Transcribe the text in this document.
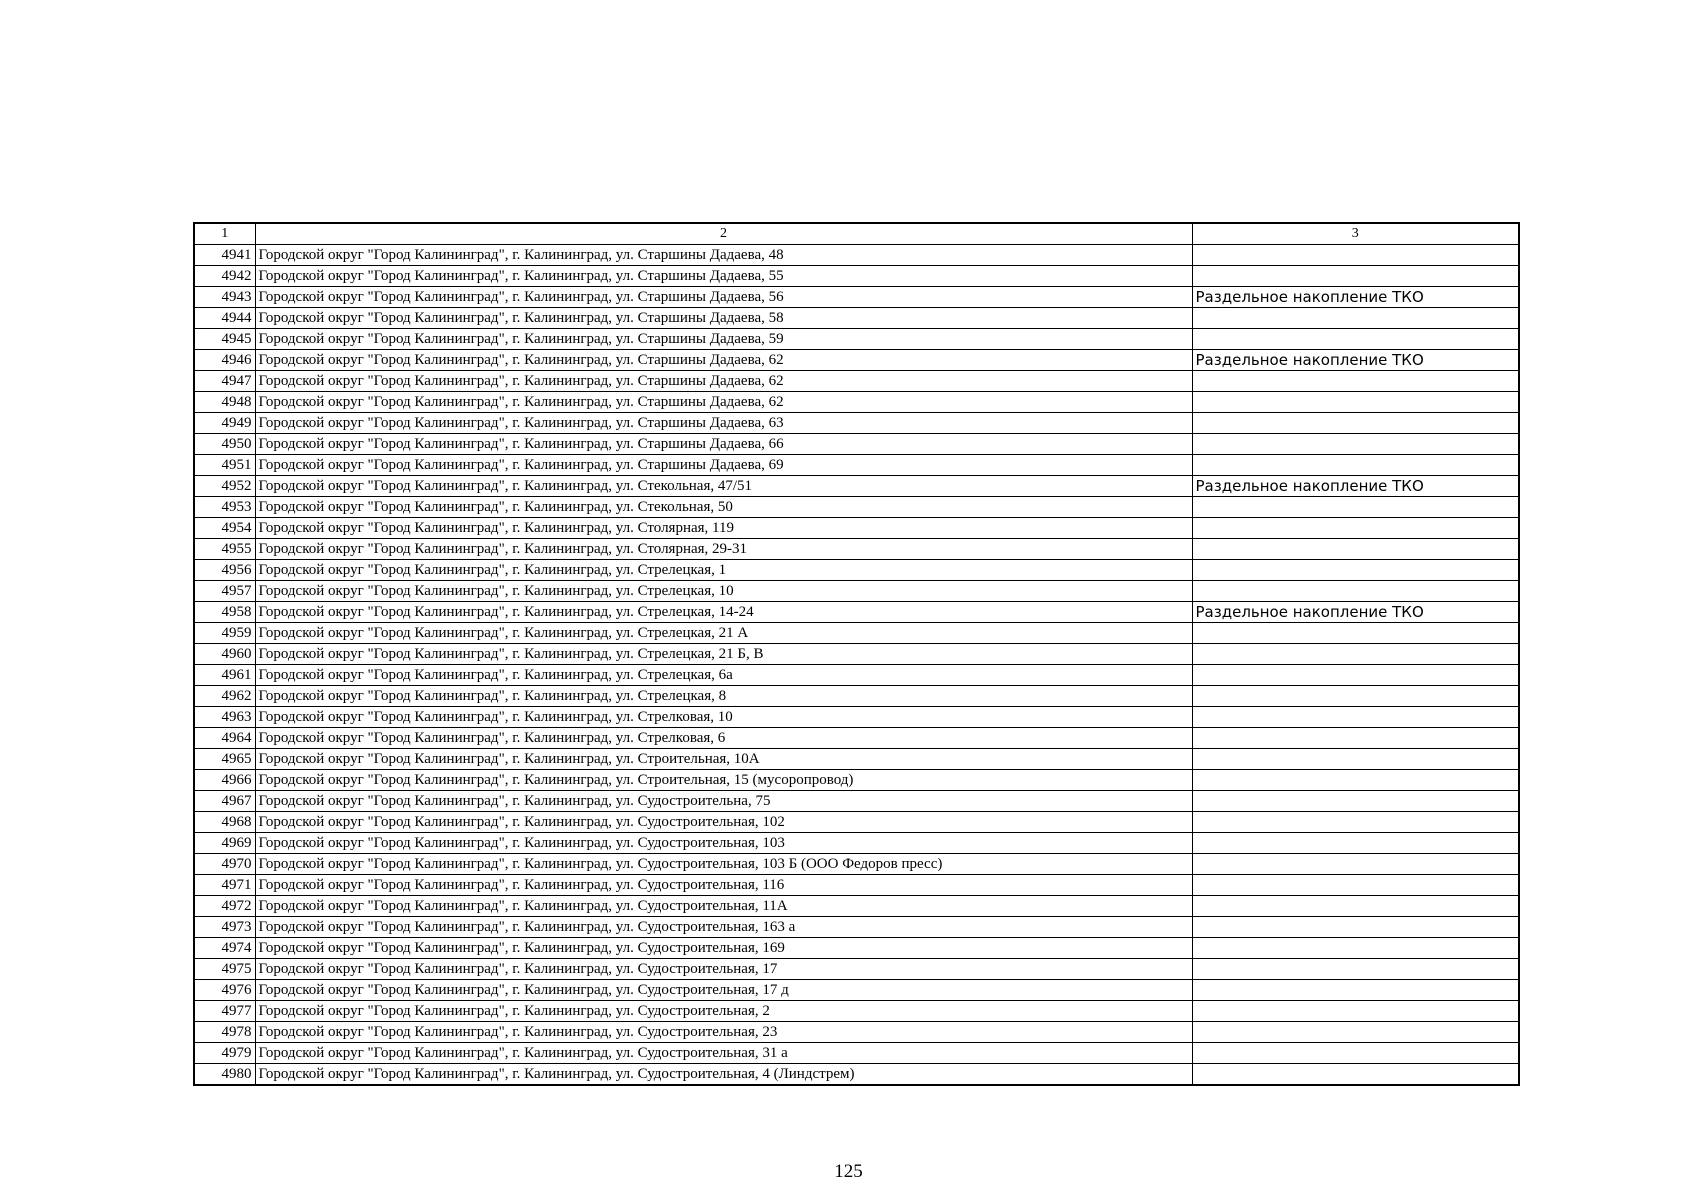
1	2	3
4941	Городской округ "Город Калининград", г. Калининград, ул. Старшины Дадаева, 48	
4942	Городской округ "Город Калининград", г. Калининград, ул. Старшины Дадаева, 55	
4943	Городской округ "Город Калининград", г. Калининград, ул. Старшины Дадаева, 56	Раздельное накопление ТКО
4944	Городской округ "Город Калининград", г. Калининград, ул. Старшины Дадаева, 58	
4945	Городской округ "Город Калининград", г. Калининград, ул. Старшины Дадаева, 59	
4946	Городской округ "Город Калининград", г. Калининград, ул. Старшины Дадаева, 62	Раздельное накопление ТКО
4947	Городской округ "Город Калининград", г. Калининград, ул. Старшины Дадаева, 62	
4948	Городской округ "Город Калининград", г. Калининград, ул. Старшины Дадаева, 62	
4949	Городской округ "Город Калининград", г. Калининград, ул. Старшины Дадаева, 63	
4950	Городской округ "Город Калининград", г. Калининград, ул. Старшины Дадаева, 66	
4951	Городской округ "Город Калининград", г. Калининград, ул. Старшины Дадаева, 69	
4952	Городской округ "Город Калининград", г. Калининград, ул. Стекольная, 47/51	Раздельное накопление ТКО
4953	Городской округ "Город Калининград", г. Калининград, ул. Стекольная, 50	
4954	Городской округ "Город Калининград", г. Калининград, ул. Столярная, 119	
4955	Городской округ "Город Калининград", г. Калининград, ул. Столярная, 29-31	
4956	Городской округ "Город Калининград", г. Калининград, ул. Стрелецкая, 1	
4957	Городской округ "Город Калининград", г. Калининград, ул. Стрелецкая, 10	
4958	Городской округ "Город Калининград", г. Калининград, ул. Стрелецкая, 14-24	Раздельное накопление ТКО
4959	Городской округ "Город Калининград", г. Калининград, ул. Стрелецкая, 21 А	
4960	Городской округ "Город Калининград", г. Калининград, ул. Стрелецкая, 21 Б, В	
4961	Городской округ "Город Калининград", г. Калининград, ул. Стрелецкая, 6а	
4962	Городской округ "Город Калининград", г. Калининград, ул. Стрелецкая, 8	
4963	Городской округ "Город Калининград", г. Калининград, ул. Стрелковая, 10	
4964	Городской округ "Город Калининград", г. Калининград, ул. Стрелковая, 6	
4965	Городской округ "Город Калининград", г. Калининград, ул. Строительная, 10А	
4966	Городской округ "Город Калининград", г. Калининград, ул. Строительная, 15 (мусоропровод)	
4967	Городской округ "Город Калининград", г. Калининград, ул. Судостроительна, 75	
4968	Городской округ "Город Калининград", г. Калининград, ул. Судостроительная, 102	
4969	Городской округ "Город Калининград", г. Калининград, ул. Судостроительная, 103	
4970	Городской округ "Город Калининград", г. Калининград, ул. Судостроительная, 103 Б (ООО Федоров пресс)	
4971	Городской округ "Город Калининград", г. Калининград, ул. Судостроительная, 116	
4972	Городской округ "Город Калининград", г. Калининград, ул. Судостроительная, 11А	
4973	Городской округ "Город Калининград", г. Калининград, ул. Судостроительная, 163 а	
4974	Городской округ "Город Калининград", г. Калининград, ул. Судостроительная, 169	
4975	Городской округ "Город Калининград", г. Калининград, ул. Судостроительная, 17	
4976	Городской округ "Город Калининград", г. Калининград, ул. Судостроительная, 17 д	
4977	Городской округ "Город Калининград", г. Калининград, ул. Судостроительная, 2	
4978	Городской округ "Город Калининград", г. Калининград, ул. Судостроительная, 23	
4979	Городской округ "Город Калининград", г. Калининград, ул. Судостроительная, 31 а	
4980	Городской округ "Город Калининград", г. Калининград, ул. Судостроительная, 4 (Линдстрем)	
125
